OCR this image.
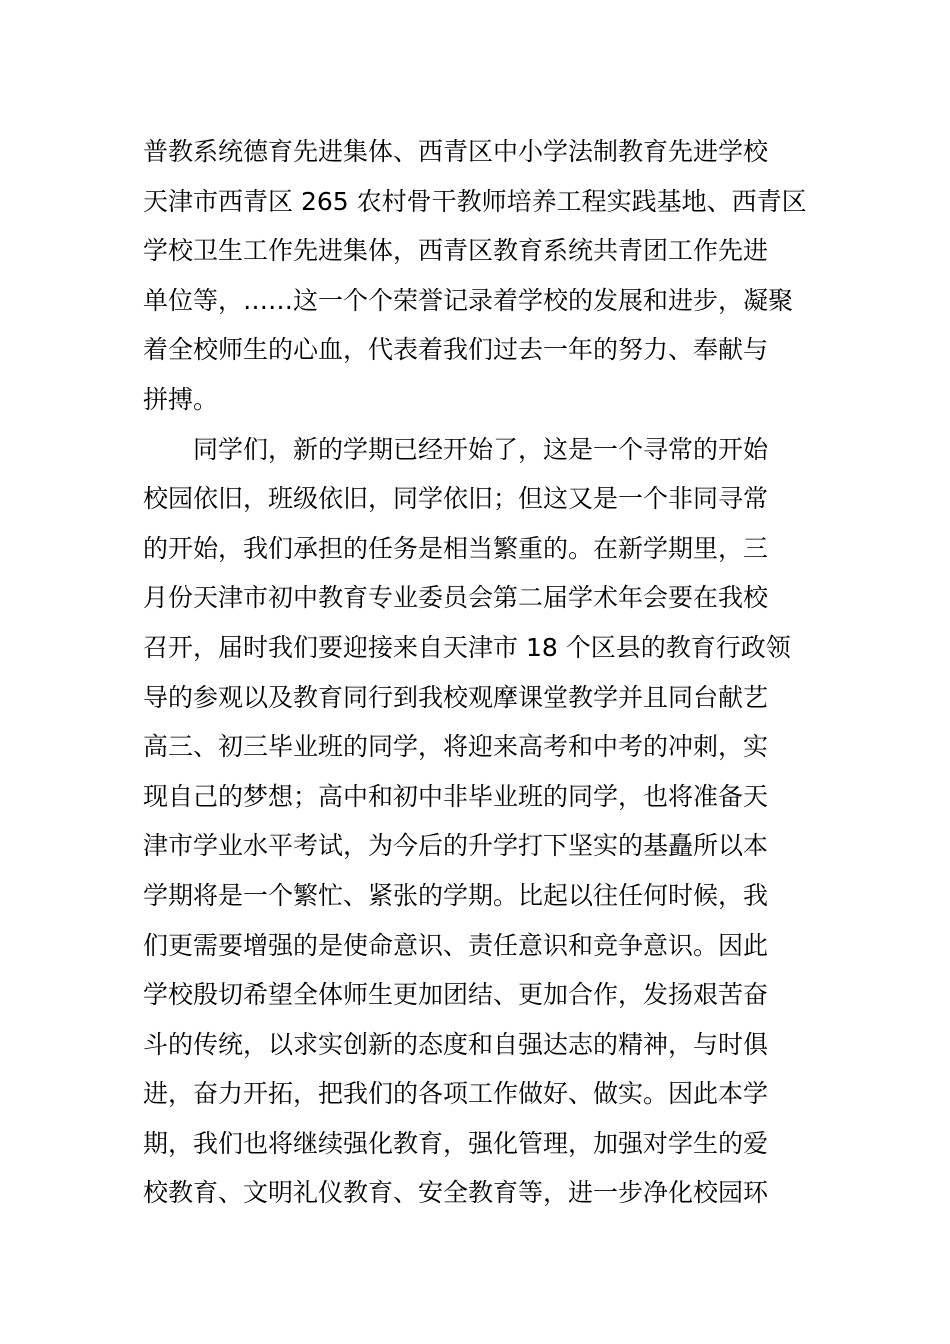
普教系统德育先进集体、西青区中小学法制教育先进学校
天津市西青区 265 农村骨干教师培养工程实践基地、西青区
学校卫生工作先进集体，西青区教育系统共青团工作先进
单位等，……这一个个荣誉记录着学校的发展和进步，凝聚
着全校师生的心血，代表着我们过去一年的努力、奉献与
拼搏。
同学们，新的学期已经开始了，这是一个寻常的开始
校园依旧，班级依旧，同学依旧；但这又是一个非同寻常
的开始，我们承担的任务是相当繁重的。在新学期里，三
月份天津市初中教育专业委员会第二届学术年会要在我校
召开，届时我们要迎接来自天津市 18 个区县的教育行政领
导的参观以及教育同行到我校观摩课堂教学并且同台献艺
高三、初三毕业班的同学，将迎来高考和中考的冲刺，实
现自己的梦想；高中和初中非毕业班的同学，也将准备天
津市学业水平考试，为今后的升学打下坚实的基矗所以本
学期将是一个繁忙、紧张的学期。比起以往任何时候，我
们更需要增强的是使命意识、责任意识和竞争意识。因此
学校殷切希望全体师生更加团结、更加合作，发扬艰苦奋
斗的传统，以求实创新的态度和自强达志的精神，与时俱
进，奋力开拓，把我们的各项工作做好、做实。因此本学
期，我们也将继续强化教育，强化管理，加强对学生的爱
校教育、文明礼仪教育、安全教育等，进一步净化校园环
